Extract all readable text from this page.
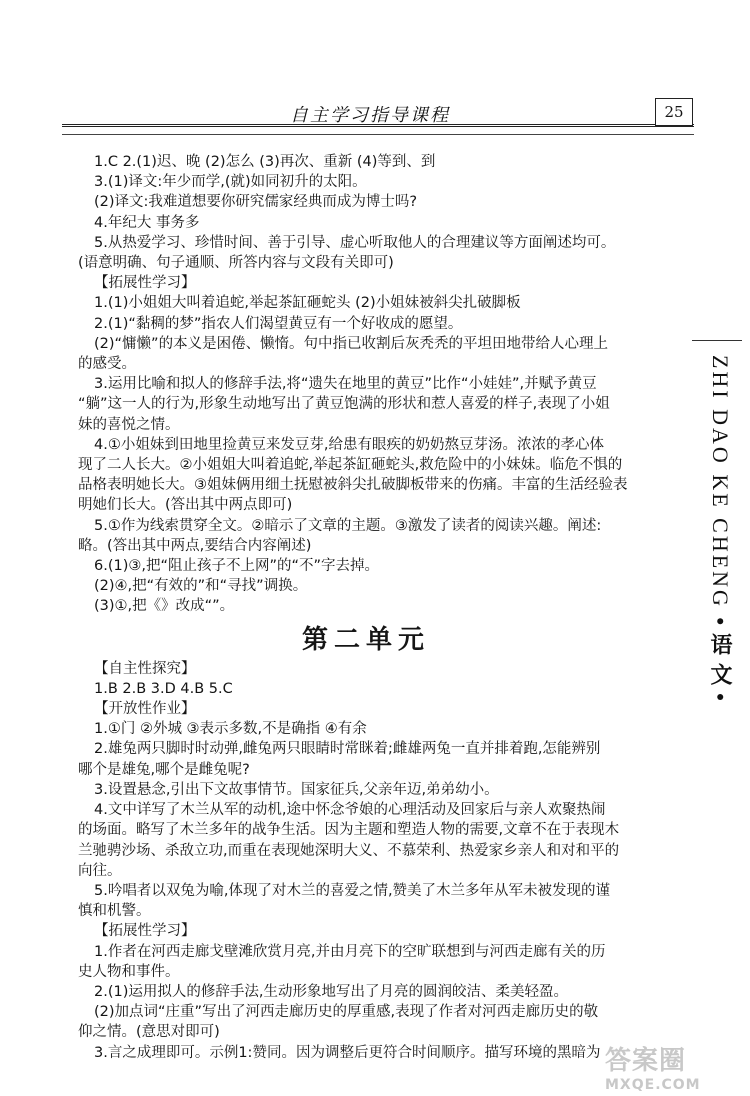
自主学习指导课程	25
ZHI DAO KE CHENG •语文•
1.C 2.(1)迟、晚 (2)怎么 (3)再次、重新 (4)等到、到
3.(1)译文:年少而学,(就)如同初升的太阳。
(2)译文:我难道想要你研究儒家经典而成为博士吗?
4.年纪大 事务多
5.从热爱学习、珍惜时间、善于引导、虚心听取他人的合理建议等方面阐述均可。
(语意明确、句子通顺、所答内容与文段有关即可)
【拓展性学习】
1.(1)小姐姐大叫着追蛇,举起茶缸砸蛇头 (2)小姐妹被斜尖扎破脚板
2.(1)“黏稠的梦”指农人们渴望黄豆有一个好收成的愿望。
(2)“慵懒”的本义是困倦、懒惰。句中指已收割后灰秃秃的平坦田地带给人心理上
的感受。
3.运用比喻和拟人的修辞手法,将“遗失在地里的黄豆”比作“小娃娃”,并赋予黄豆
“躺”这一人的行为,形象生动地写出了黄豆饱满的形状和惹人喜爱的样子,表现了小姐
妹的喜悦之情。
4.①小姐妹到田地里捡黄豆来发豆芽,给患有眼疾的奶奶熬豆芽汤。浓浓的孝心体
现了二人长大。②小姐姐大叫着追蛇,举起茶缸砸蛇头,救危险中的小妹妹。临危不惧的
品格表明她长大。③姐妹俩用细土抚慰被斜尖扎破脚板带来的伤痛。丰富的生活经验表
明她们长大。(答出其中两点即可)
5.①作为线索贯穿全文。②暗示了文章的主题。③激发了读者的阅读兴趣。阐述:
略。(答出其中两点,要结合内容阐述)
6.(1)③,把“阻止孩子不上网”的“不”字去掉。
(2)④,把“有效的”和“寻找”调换。
(3)①,把《》改成“”。
第二单元
【自主性探究】
1.B 2.B 3.D 4.B 5.C
【开放性作业】
1.①门 ②外城 ③表示多数,不是确指 ④有余
2.雄兔两只脚时时动弹,雌兔两只眼睛时常眯着;雌雄两兔一直并排着跑,怎能辨别
哪个是雄兔,哪个是雌兔呢?
3.设置悬念,引出下文故事情节。国家征兵,父亲年迈,弟弟幼小。
4.文中详写了木兰从军的动机,途中怀念爷娘的心理活动及回家后与亲人欢聚热闹
的场面。略写了木兰多年的战争生活。因为主题和塑造人物的需要,文章不在于表现木
兰驰骋沙场、杀敌立功,而重在表现她深明大义、不慕荣利、热爱家乡亲人和对和平的
向往。
5.吟唱者以双兔为喻,体现了对木兰的喜爱之情,赞美了木兰多年从军未被发现的谨
慎和机警。
【拓展性学习】
1.作者在河西走廊戈壁滩欣赏月亮,并由月亮下的空旷联想到与河西走廊有关的历
史人物和事件。
2.(1)运用拟人的修辞手法,生动形象地写出了月亮的圆润皎洁、柔美轻盈。
(2)加点词“庄重”写出了河西走廊历史的厚重感,表现了作者对河西走廊历史的敬
仰之情。(意思对即可)
3.言之成理即可。示例1:赞同。因为调整后更符合时间顺序。描写环境的黑暗为 答案圈
MXQE.COM
